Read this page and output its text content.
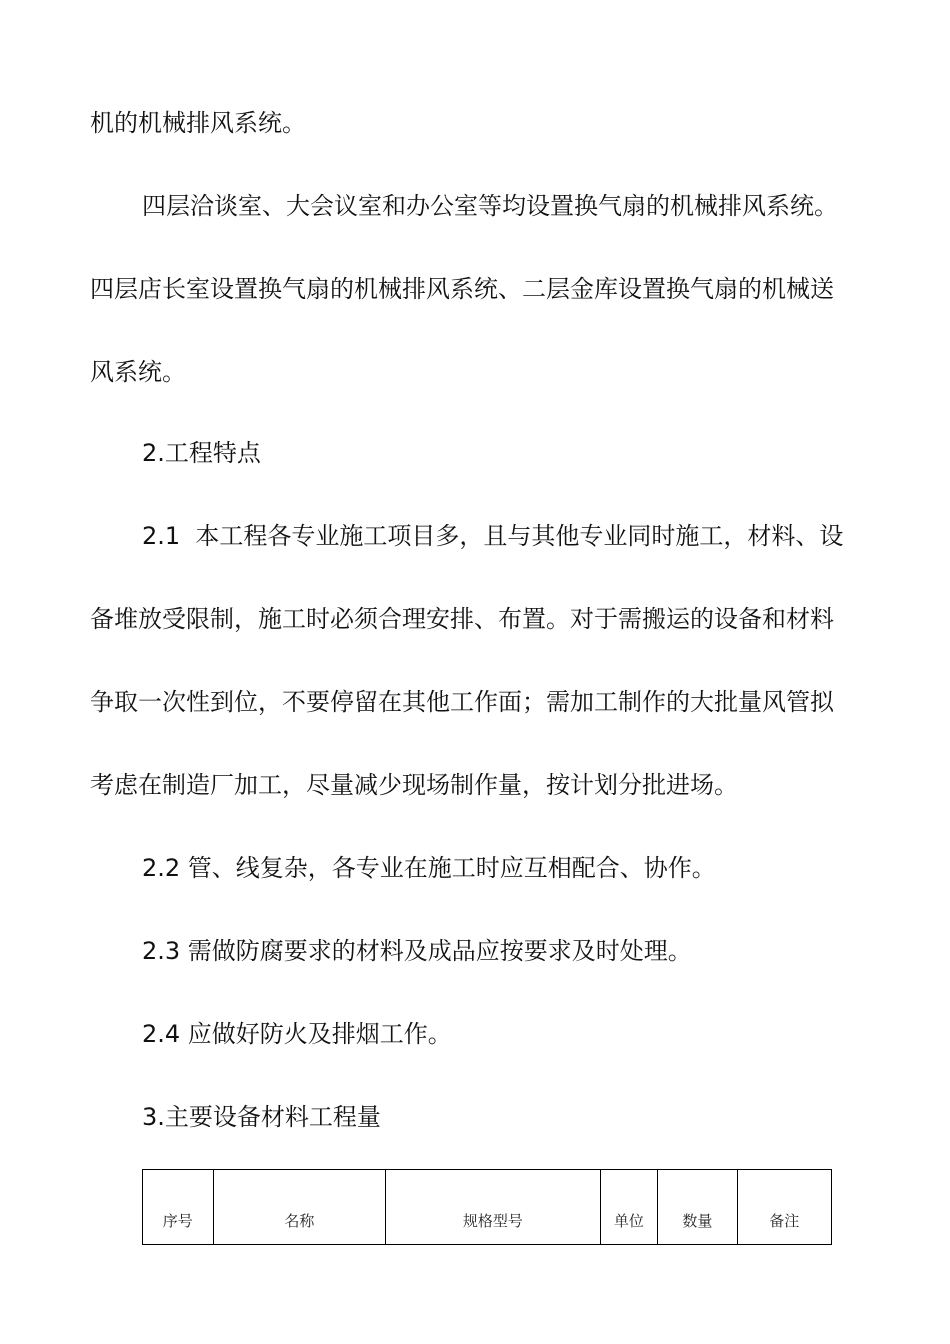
机的机械排风系统。

四层洽谈室、大会议室和办公室等均设置换气扇的机械排风系统。

四层店长室设置换气扇的机械排风系统、二层金库设置换气扇的机械送

风系统。

2.工程特点

2.1  本工程各专业施工项目多，且与其他专业同时施工，材料、设

备堆放受限制，施工时必须合理安排、布置。对于需搬运的设备和材料

争取一次性到位，不要停留在其他工作面；需加工制作的大批量风管拟

考虑在制造厂加工，尽量减少现场制作量，按计划分批进场。

2.2 管、线复杂，各专业在施工时应互相配合、协作。

2.3 需做防腐要求的材料及成品应按要求及时处理。

2.4 应做好防火及排烟工作。

3.主要设备材料工程量

序号	名称	规格型号	单位	数量	备注
